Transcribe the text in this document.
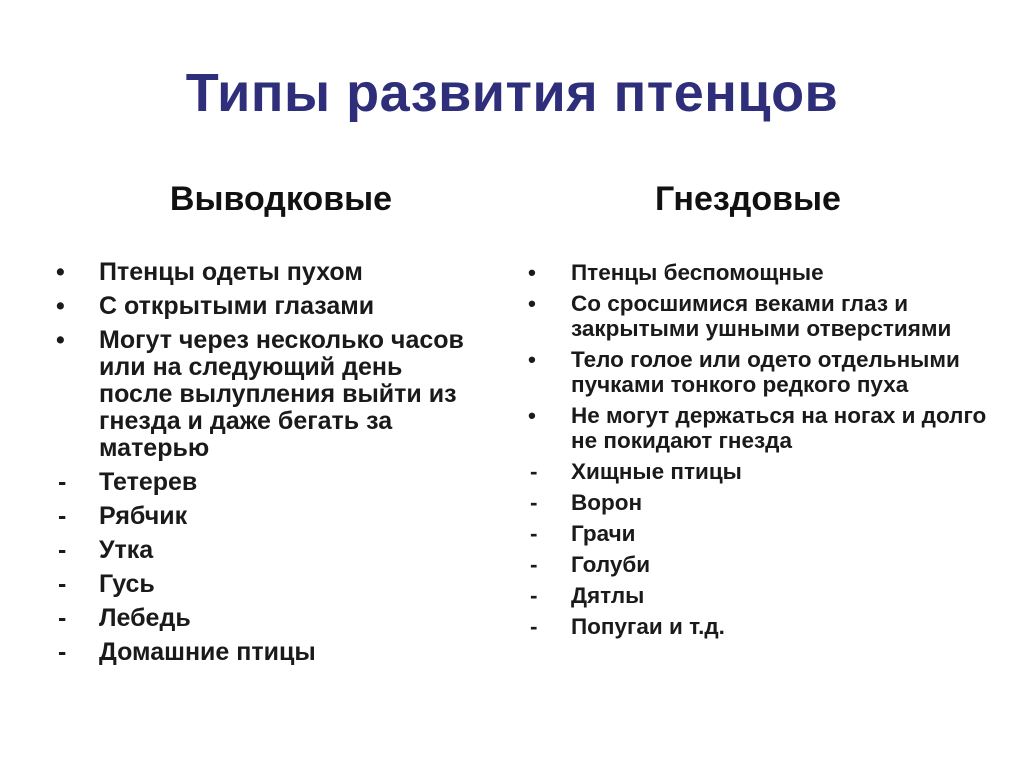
Типы развития птенцов
Выводковые	Гнездовые
•	Птенцы одеты пухом
•	С открытыми глазами
•	Могут через несколько часов или на следующий день после вылупления выйти из гнезда и даже бегать за матерью
-	Тетерев
-	Рябчик
-	Утка
-	Гусь
-	Лебедь
-	Домашние птицы
•	Птенцы беспомощные
•	Со сросшимися веками глаз и закрытыми ушными отверстиями
•	Тело голое или одето отдельными пучками тонкого редкого пуха
•	Не могут держаться на ногах и долго не покидают гнезда
-	Хищные птицы
-	Ворон
-	Грачи
-	Голуби
-	Дятлы
-	Попугаи и т.д.
